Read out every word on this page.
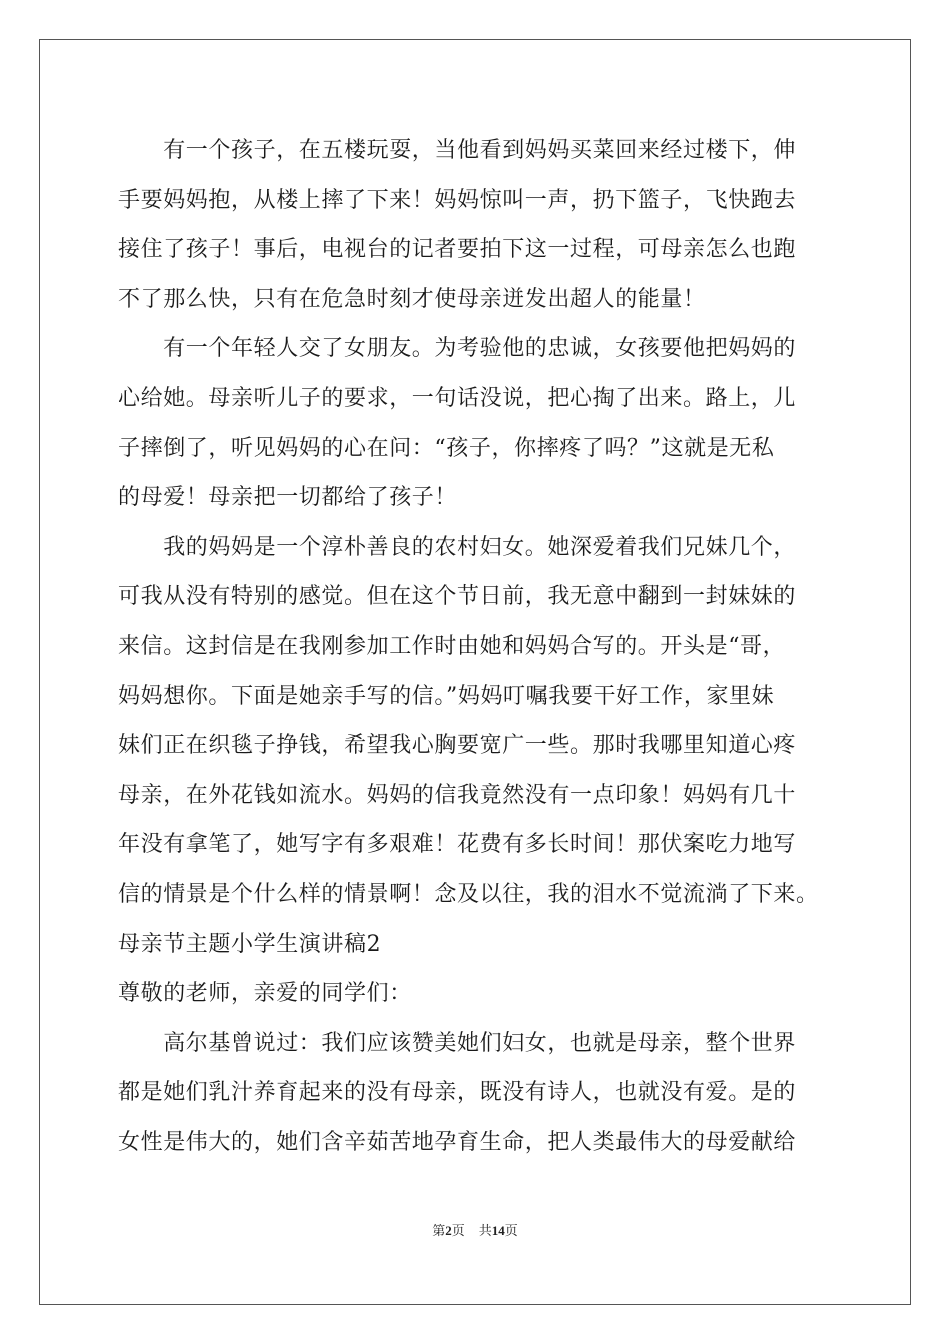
　　有一个孩子，在五楼玩耍，当他看到妈妈买菜回来经过楼下，伸
手要妈妈抱，从楼上摔了下来！妈妈惊叫一声，扔下篮子，飞快跑去
接住了孩子！事后，电视台的记者要拍下这一过程，可母亲怎么也跑
不了那么快，只有在危急时刻才使母亲迸发出超人的能量！
　　有一个年轻人交了女朋友。为考验他的忠诚，女孩要他把妈妈的
心给她。母亲听儿子的要求，一句话没说，把心掏了出来。路上，儿
子摔倒了，听见妈妈的心在问：“孩子，你摔疼了吗？”这就是无私
的母爱！母亲把一切都给了孩子！
　　我的妈妈是一个淳朴善良的农村妇女。她深爱着我们兄妹几个，
可我从没有特别的感觉。但在这个节日前，我无意中翻到一封妹妹的
来信。这封信是在我刚参加工作时由她和妈妈合写的。开头是“哥，
妈妈想你。下面是她亲手写的信。”妈妈叮嘱我要干好工作，家里妹
妹们正在织毯子挣钱，希望我心胸要宽广一些。那时我哪里知道心疼
母亲，在外花钱如流水。妈妈的信我竟然没有一点印象！妈妈有几十
年没有拿笔了，她写字有多艰难！花费有多长时间！那伏案吃力地写
信的情景是个什么样的情景啊！念及以往，我的泪水不觉流淌了下来。
母亲节主题小学生演讲稿2
尊敬的老师，亲爱的同学们：
　　高尔基曾说过：我们应该赞美她们妇女，也就是母亲，整个世界
都是她们乳汁养育起来的没有母亲，既没有诗人，也就没有爱。是的
女性是伟大的，她们含辛茹苦地孕育生命，把人类最伟大的母爱献给
第2页 共14页
